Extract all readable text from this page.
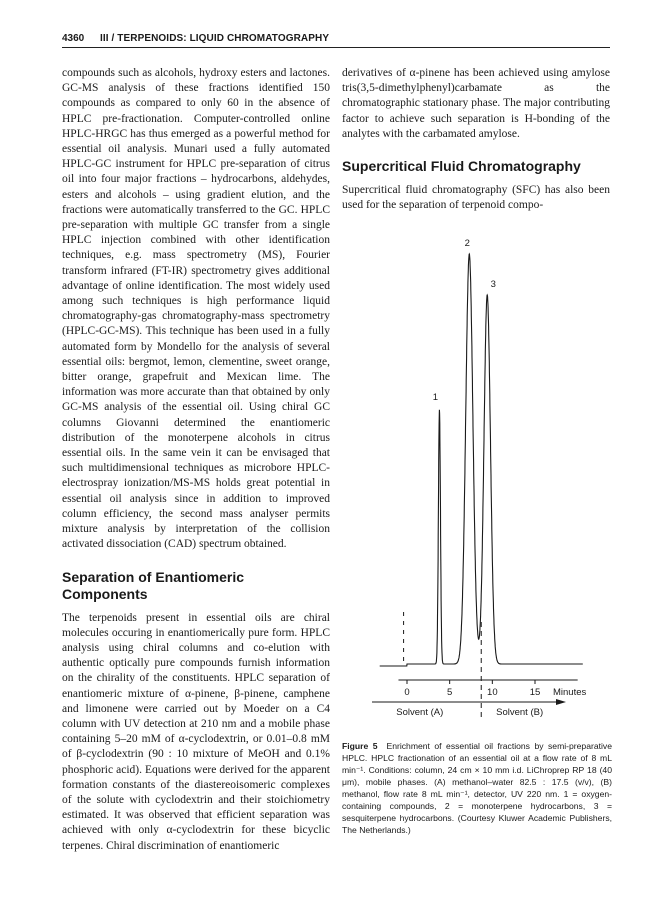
4360 III / TERPENOIDS: LIQUID CHROMATOGRAPHY

compounds such as alcohols, hydroxy esters and lactones. GC-MS analysis of these fractions identified 150 compounds as compared to only 60 in the absence of HPLC pre-fractionation. Computer-controlled online HPLC-HRGC has thus emerged as a powerful method for essential oil analysis. Munari used a fully automated HPLC-GC instrument for HPLC pre-separation of citrus oil into four major fractions – hydrocarbons, aldehydes, esters and alcohols – using gradient elution, and the fractions were automatically transferred to the GC. HPLC pre-separation with multiple GC transfer from a single HPLC injection combined with other identification techniques, e.g. mass spectrometry (MS), Fourier transform infrared (FT-IR) spectrometry gives additional advantage of online identification. The most widely used among such techniques is high performance liquid chromatography-gas chromatography-mass spectrometry (HPLC-GC-MS). This technique has been used in a fully automated form by Mondello for the analysis of several essential oils: bergmot, lemon, clementine, sweet orange, bitter orange, grapefruit and Mexican lime. The information was more accurate than that obtained by only GC-MS analysis of the essential oil. Using chiral GC columns Giovanni determined the enantiomeric distribution of the monoterpene alcohols in citrus essential oils. In the same vein it can be envisaged that such multidimensional techniques as microbore HPLC-electrospray ionization/MS-MS holds great potential in essential oil analysis since in addition to improved column efficiency, the second mass analyser permits mixture analysis by interpretation of the collision activated dissociation (CAD) spectrum obtained.

Separation of Enantiomeric Components

The terpenoids present in essential oils are chiral molecules occuring in enantiomerically pure form. HPLC analysis using chiral columns and co-elution with authentic optically pure compounds furnish information on the chirality of the constituents. HPLC separation of enantiomeric mixture of α-pinene, β-pinene, camphene and limonene were carried out by Moeder on a C4 column with UV detection at 210 nm and a mobile phase containing 5–20 mM of α-cyclodextrin, or 0.01–0.8 mM of β-cyclodextrin (90 : 10 mixture of MeOH and 0.1% phosphoric acid). Equations were derived for the apparent formation constants of the diastereoisomeric complexes of the solute with cyclodextrin and their stoichiometry estimated. It was observed that efficient separation was achieved with only α-cyclodextrin for these bicyclic terpenes. Chiral discrimination of enantiomeric

derivatives of α-pinene has been achieved using amylose tris(3,5-dimethylphenyl)carbamate as the chromatographic stationary phase. The major contributing factor to achieve such separation is H-bonding of the analytes with the carbamated amylose.

Supercritical Fluid Chromatography

Supercritical fluid chromatography (SFC) has also been used for the separation of terpenoid compo-

0	5	10	15
1
2
3
Minutes
Solvent (A)	Solvent (B)
Figure 5 Enrichment of essential oil fractions by semi-preparative HPLC. HPLC fractionation of an essential oil at a flow rate of 8 mL min⁻¹. Conditions: column, 24 cm × 10 mm i.d. LiChroprep RP 18 (40 μm), mobile phases. (A) methanol–water 82.5 : 17.5 (v/v), (B) methanol, flow rate 8 mL min⁻¹, detector, UV 220 nm. 1 = oxygen-containing compounds, 2 = monoterpene hydrocarbons, 3 = sesquiterpene hydrocarbons. (Courtesy Kluwer Academic Publishers, The Netherlands.)
